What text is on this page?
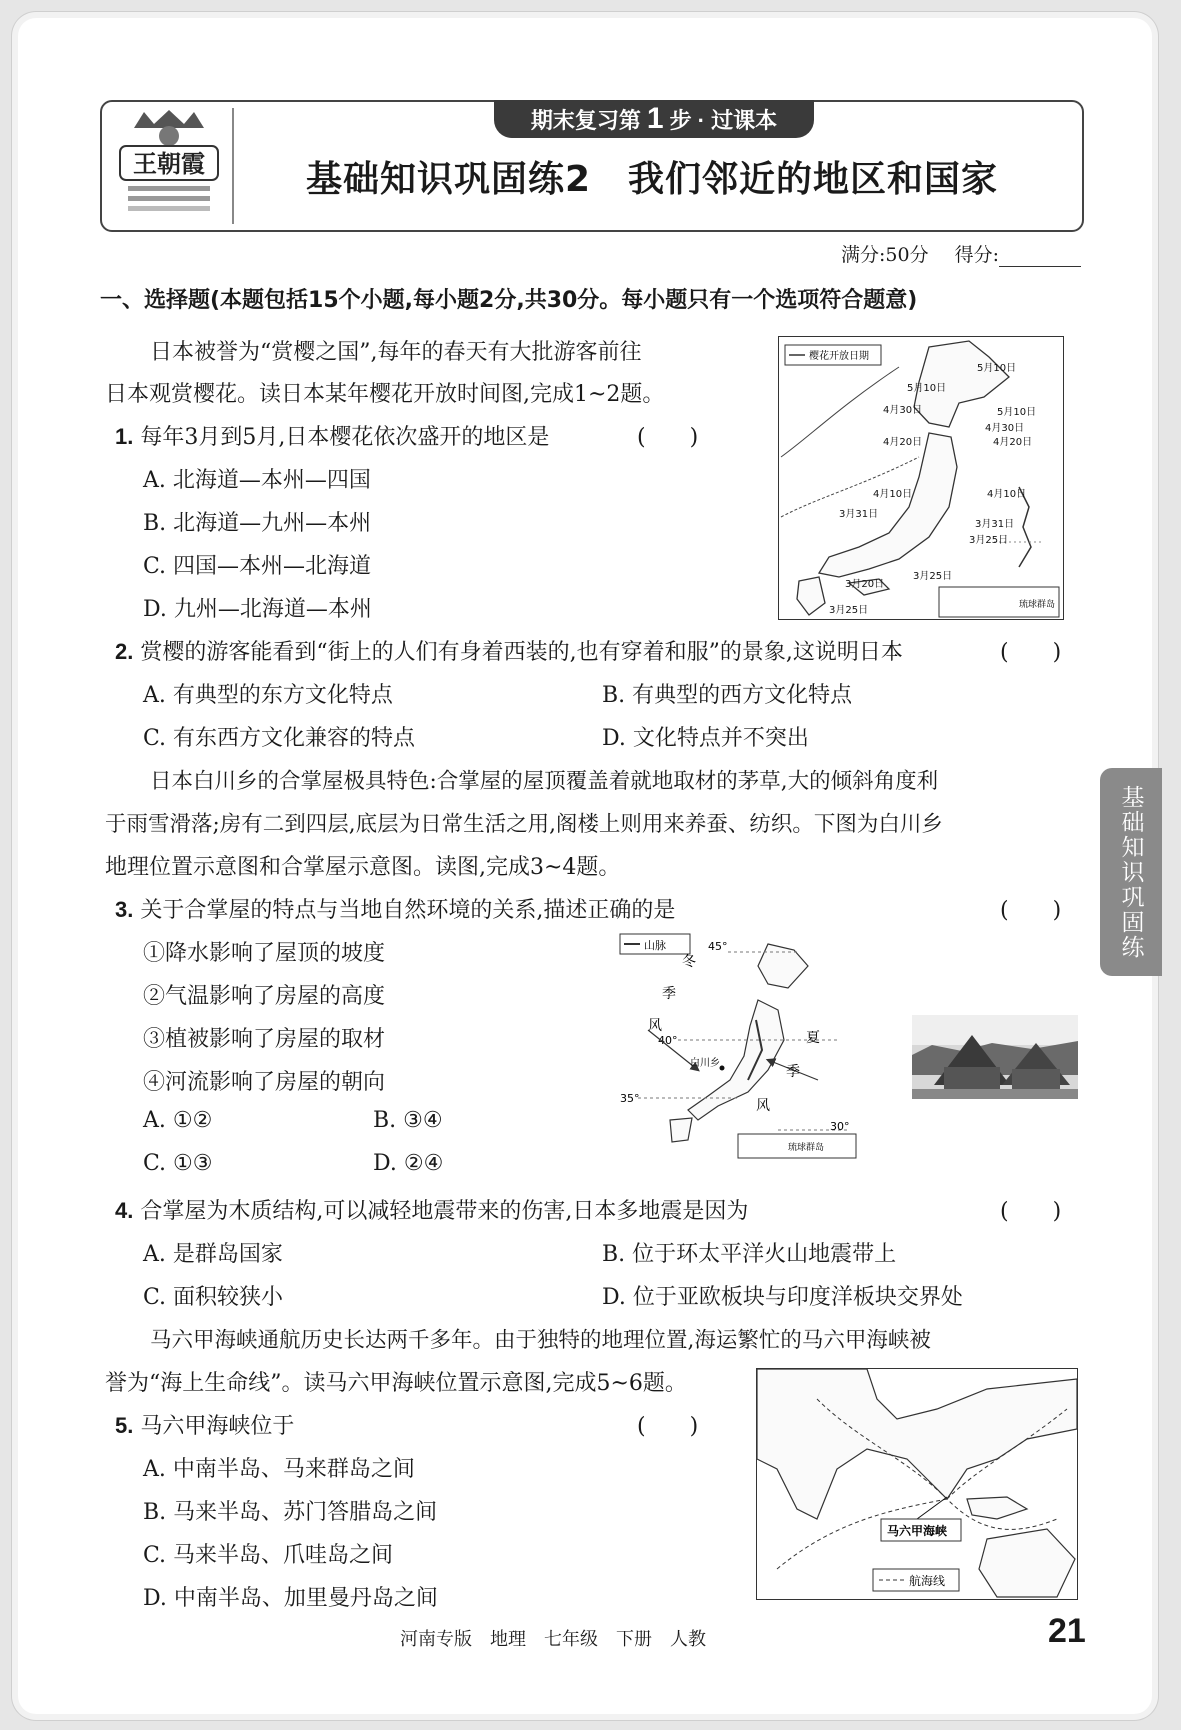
王朝霞
期末复习第 1 步 · 过课本
基础知识巩固练2　我们邻近的地区和国家
满分:50分 得分:
一、选择题(本题包括15个小题,每小题2分,共30分。每小题只有一个选项符合题意)
日本被誉为“赏樱之国”,每年的春天有大批游客前往
日本观赏樱花。读日本某年樱花开放时间图,完成1~2题。
樱花开放日期
琉球群岛
5月10日
5月10日
4月30日	5月10日
4月30日
4月20日	4月20日
4月10日	4月10日
3月31日
3月31日
3月25日
3月25日
3月20日
3月25日
1. 每年3月到5月,日本樱花依次盛开的地区是	(　　)
A. 北海道—本州—四国
B. 北海道—九州—本州
C. 四国—本州—北海道
D. 九州—北海道—本州
2. 赏樱的游客能看到“街上的人们有身着西装的,也有穿着和服”的景象,这说明日本	(　　)
A. 有典型的东方文化特点	B. 有典型的西方文化特点
C. 有东西方文化兼容的特点	D. 文化特点并不突出
日本白川乡的合掌屋极具特色:合掌屋的屋顶覆盖着就地取材的茅草,大的倾斜角度利
于雨雪滑落;房有二到四层,底层为日常生活之用,阁楼上则用来养蚕、纺织。下图为白川乡
地理位置示意图和合掌屋示意图。读图,完成3~4题。
3. 关于合掌屋的特点与当地自然环境的关系,描述正确的是	(　　)
①降水影响了屋顶的坡度
②气温影响了房屋的高度
③植被影响了房屋的取材
④河流影响了房屋的朝向
A. ①②	B. ③④
C. ①③	D. ②④
山脉	45°
40°
35°
30°
冬
季
风
夏
季
风
白川乡
琉球群岛
4. 合掌屋为木质结构,可以减轻地震带来的伤害,日本多地震是因为	(　　)
A. 是群岛国家	B. 位于环太平洋火山地震带上
C. 面积较狭小	D. 位于亚欧板块与印度洋板块交界处
马六甲海峡通航历史长达两千多年。由于独特的地理位置,海运繁忙的马六甲海峡被
誉为“海上生命线”。读马六甲海峡位置示意图,完成5~6题。
马六甲海峡
航海线
5. 马六甲海峡位于	(　　)
A. 中南半岛、马来群岛之间
B. 马来半岛、苏门答腊岛之间
C. 马来半岛、爪哇岛之间
D. 中南半岛、加里曼丹岛之间
基础知识巩固练
河南专版　地理　七年级　下册　人教	21
